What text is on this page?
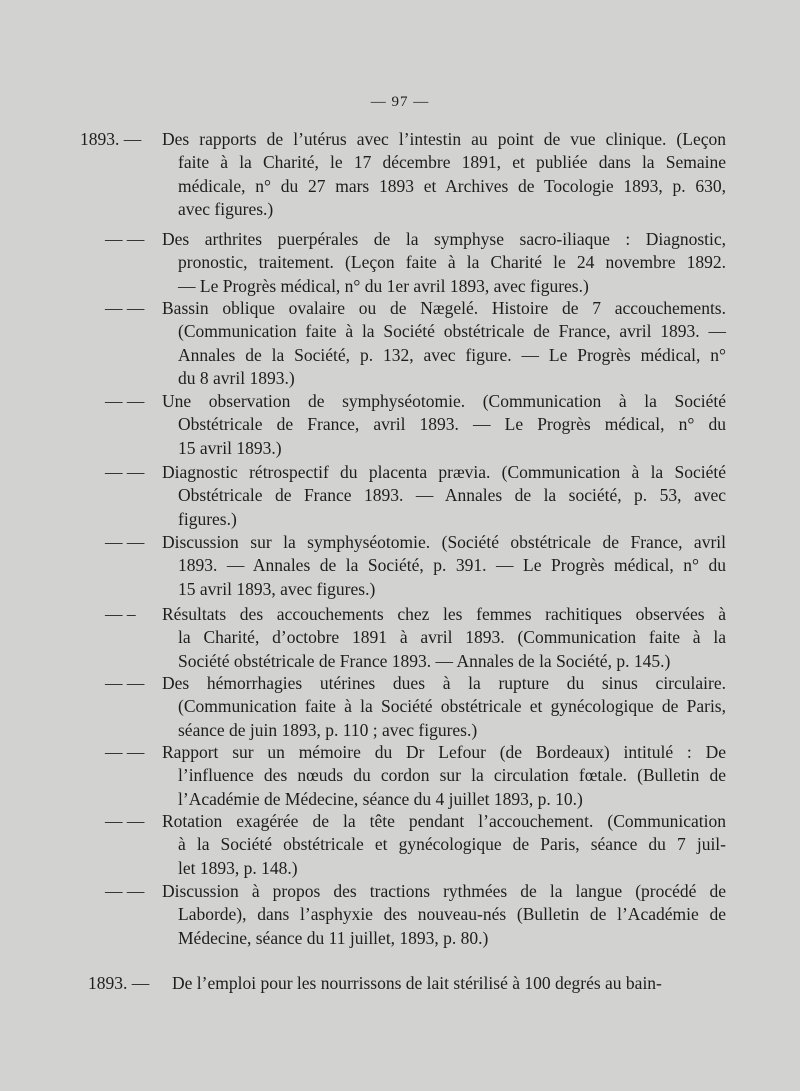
— 97 —
1893. — Des rapports de l’utérus avec l’intestin au point de vue clinique. (Leçon
faite à la Charité, le 17 décembre 1891, et publiée dans la Semaine
médicale, n° du 27 mars 1893 et Archives de Tocologie 1893, p. 630,
avec figures.)
— — Des arthrites puerpérales de la symphyse sacro-iliaque : Diagnostic,
pronostic, traitement. (Leçon faite à la Charité le 24 novembre 1892.
— Le Progrès médical, n° du 1er avril 1893, avec figures.)
— — Bassin oblique ovalaire ou de Nægelé. Histoire de 7 accouchements.
(Communication faite à la Société obstétricale de France, avril 1893. —
Annales de la Société, p. 132, avec figure. — Le Progrès médical, n°
du 8 avril 1893.)
— — Une observation de symphyséotomie. (Communication à la Société
Obstétricale de France, avril 1893. — Le Progrès médical, n° du
15 avril 1893.)
— — Diagnostic rétrospectif du placenta prævia. (Communication à la Société
Obstétricale de France 1893. — Annales de la société, p. 53, avec
figures.)
— — Discussion sur la symphyséotomie. (Société obstétricale de France, avril
1893. — Annales de la Société, p. 391. — Le Progrès médical, n° du
15 avril 1893, avec figures.)
— – Résultats des accouchements chez les femmes rachitiques observées à
la Charité, d’octobre 1891 à avril 1893. (Communication faite à la
Société obstétricale de France 1893. — Annales de la Société, p. 145.)
— — Des hémorrhagies utérines dues à la rupture du sinus circulaire.
(Communication faite à la Société obstétricale et gynécologique de Paris,
séance de juin 1893, p. 110 ; avec figures.)
— — Rapport sur un mémoire du Dr Lefour (de Bordeaux) intitulé : De
l’influence des nœuds du cordon sur la circulation fœtale. (Bulletin de
l’Académie de Médecine, séance du 4 juillet 1893, p. 10.)
— — Rotation exagérée de la tête pendant l’accouchement. (Communication
à la Société obstétricale et gynécologique de Paris, séance du 7 juil-
let 1893, p. 148.)
— — Discussion à propos des tractions rythmées de la langue (procédé de
Laborde), dans l’asphyxie des nouveau-nés (Bulletin de l’Académie de
Médecine, séance du 11 juillet, 1893, p. 80.)
1893. — De l’emploi pour les nourrissons de lait stérilisé à 100 degrés au bain-
